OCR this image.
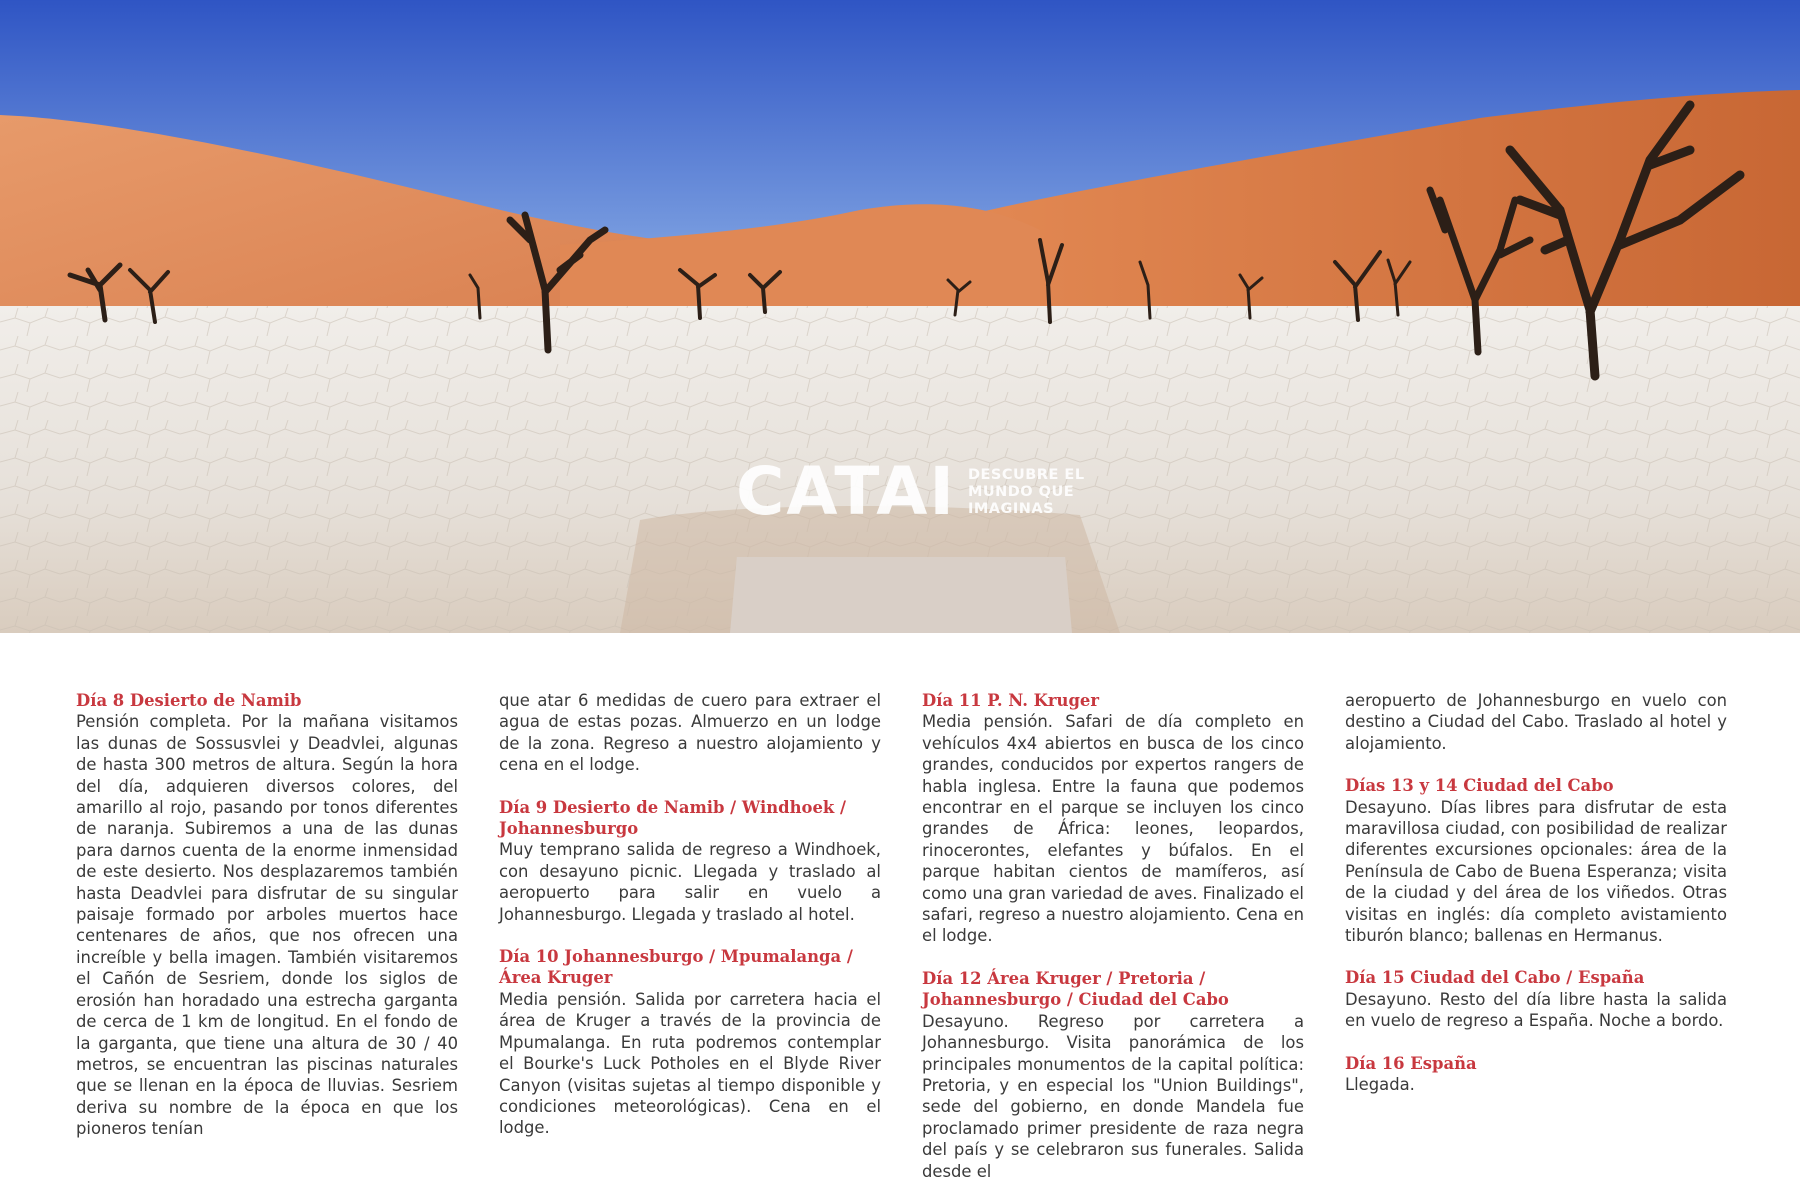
CATAI DESCUBRE EL MUNDO QUE IMAGINAS

Día 8 Desierto de Namib
Pensión completa. Por la mañana visitamos las dunas de Sossusvlei y Deadvlei, algunas de hasta 300 metros de altura. Según la hora del día, adquieren diversos colores, del amarillo al rojo, pasando por tonos diferentes de naranja. Subiremos a una de las dunas para darnos cuenta de la enorme inmensidad de este desierto. Nos desplazaremos también hasta Deadvlei para disfrutar de su singular paisaje formado por arboles muertos hace centenares de años, que nos ofrecen una increíble y bella imagen. También visitaremos el Cañón de Sesriem, donde los siglos de erosión han horadado una estrecha garganta de cerca de 1 km de longitud. En el fondo de la garganta, que tiene una altura de 30 / 40 metros, se encuentran las piscinas naturales que se llenan en la época de lluvias. Sesriem deriva su nombre de la época en que los pioneros tenían

que atar 6 medidas de cuero para extraer el agua de estas pozas. Almuerzo en un lodge de la zona. Regreso a nuestro alojamiento y cena en el lodge.

Día 9 Desierto de Namib / Windhoek / Johannesburgo
Muy temprano salida de regreso a Windhoek, con desayuno picnic. Llegada y traslado al aeropuerto para salir en vuelo a Johannesburgo. Llegada y traslado al hotel.

Día 10 Johannesburgo / Mpumalanga / Área Kruger
Media pensión. Salida por carretera hacia el área de Kruger a través de la provincia de Mpumalanga. En ruta podremos contemplar el Bourke's Luck Potholes en el Blyde River Canyon (visitas sujetas al tiempo disponible y condiciones meteorológicas). Cena en el lodge.

Día 11 P. N. Kruger
Media pensión. Safari de día completo en vehículos 4x4 abiertos en busca de los cinco grandes, conducidos por expertos rangers de habla inglesa. Entre la fauna que podemos encontrar en el parque se incluyen los cinco grandes de África: leones, leopardos, rinocerontes, elefantes y búfalos. En el parque habitan cientos de mamíferos, así como una gran variedad de aves. Finalizado el safari, regreso a nuestro alojamiento. Cena en el lodge.

Día 12 Área Kruger / Pretoria / Johannesburgo / Ciudad del Cabo
Desayuno. Regreso por carretera a Johannesburgo. Visita panorámica de los principales monumentos de la capital política: Pretoria, y en especial los "Union Buildings", sede del gobierno, en donde Mandela fue proclamado primer presidente de raza negra del país y se celebraron sus funerales. Salida desde el

aeropuerto de Johannesburgo en vuelo con destino a Ciudad del Cabo. Traslado al hotel y alojamiento.

Días 13 y 14 Ciudad del Cabo
Desayuno. Días libres para disfrutar de esta maravillosa ciudad, con posibilidad de realizar diferentes excursiones opcionales: área de la Península de Cabo de Buena Esperanza; visita de la ciudad y del área de los viñedos. Otras visitas en inglés: día completo avistamiento tiburón blanco; ballenas en Hermanus.

Día 15 Ciudad del Cabo / España
Desayuno. Resto del día libre hasta la salida en vuelo de regreso a España. Noche a bordo.

Día 16 España
Llegada.
